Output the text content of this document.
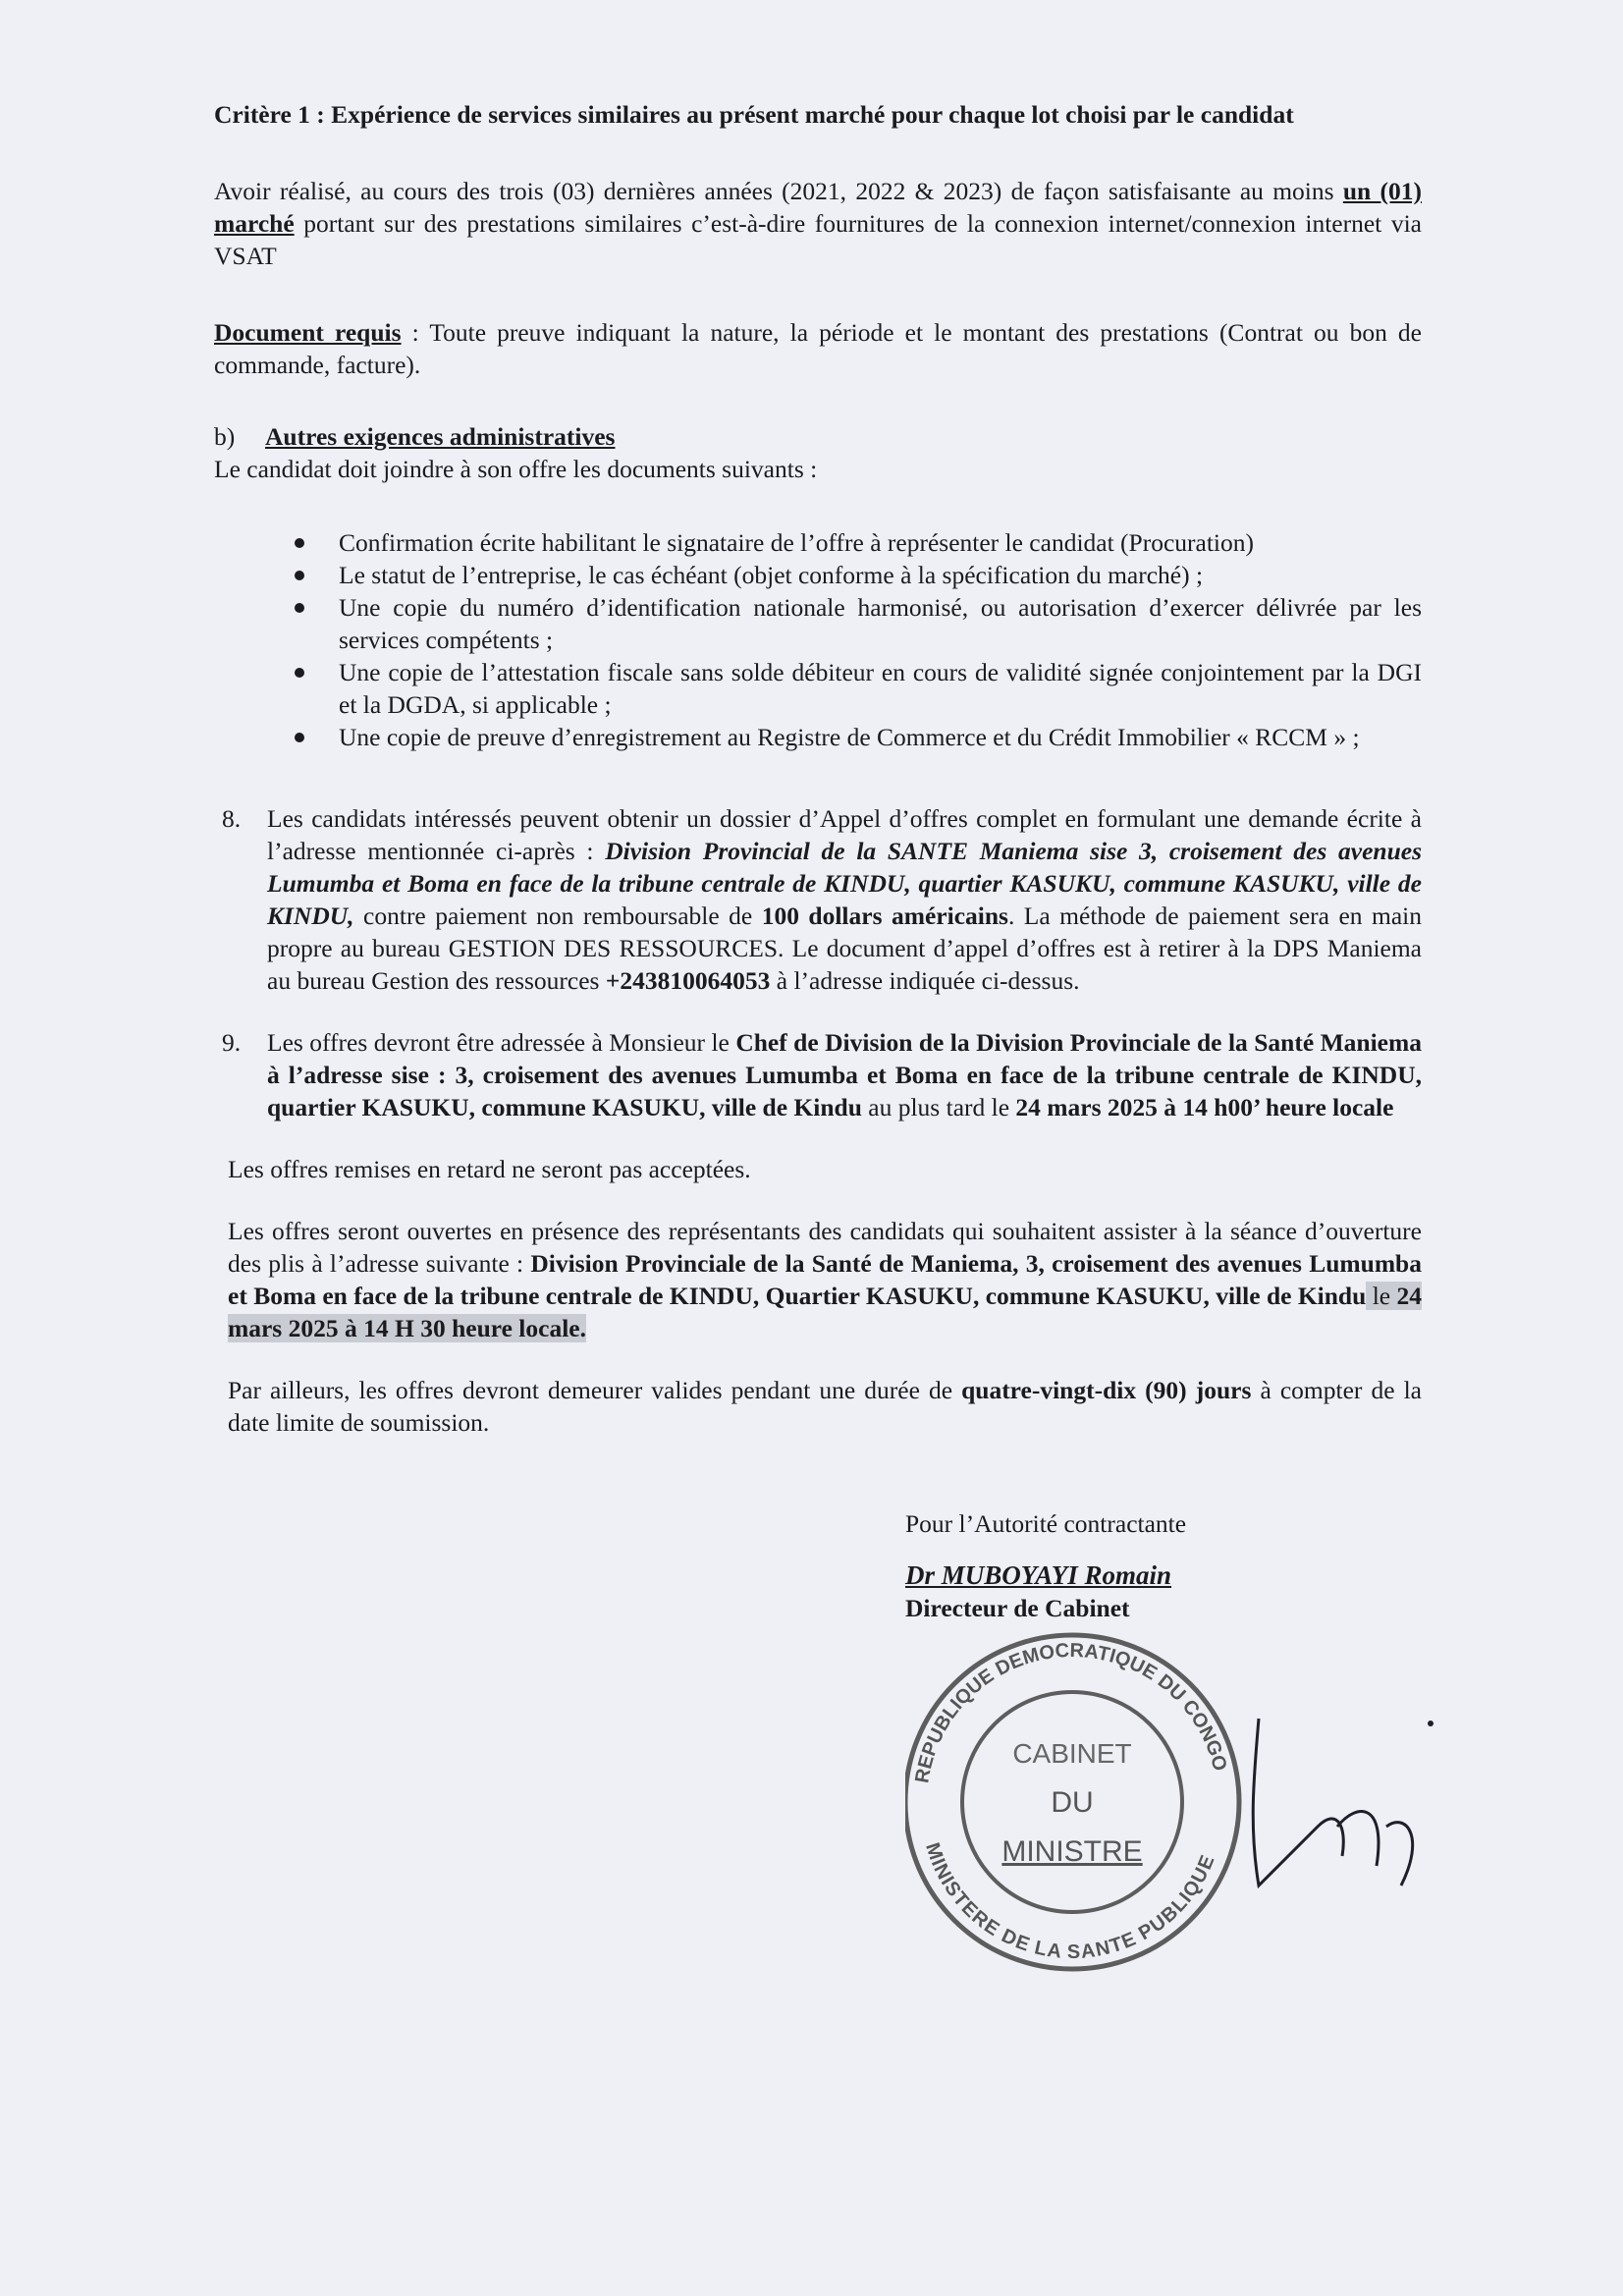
Critère 1 : Expérience de services similaires au présent marché pour chaque lot choisi par le candidat
Avoir réalisé, au cours des trois (03) dernières années (2021, 2022 & 2023) de façon satisfaisante au moins un (01) marché portant sur des prestations similaires c’est-à-dire fournitures de la connexion internet/connexion internet via VSAT
Document requis : Toute preuve indiquant la nature, la période et le montant des prestations (Contrat ou bon de commande, facture).
b) Autres exigences administratives
Le candidat doit joindre à son offre les documents suivants :
Confirmation écrite habilitant le signataire de l’offre à représenter le candidat (Procuration)
Le statut de l’entreprise, le cas échéant (objet conforme à la spécification du marché) ;
Une copie du numéro d’identification nationale harmonisé, ou autorisation d’exercer délivrée par les services compétents ;
Une copie de l’attestation fiscale sans solde débiteur en cours de validité signée conjointement par la DGI et la DGDA, si applicable ;
Une copie de preuve d’enregistrement au Registre de Commerce et du Crédit Immobilier « RCCM » ;
8. Les candidats intéressés peuvent obtenir un dossier d’Appel d’offres complet en formulant une demande écrite à l’adresse mentionnée ci-après : Division Provincial de la SANTE Maniema sise 3, croisement des avenues Lumumba et Boma en face de la tribune centrale de KINDU, quartier KASUKU, commune KASUKU, ville de KINDU, contre paiement non remboursable de 100 dollars américains. La méthode de paiement sera en main propre au bureau GESTION DES RESSOURCES. Le document d’appel d’offres est à retirer à la DPS Maniema au bureau Gestion des ressources +243810064053 à l’adresse indiquée ci-dessus.
9. Les offres devront être adressée à Monsieur le Chef de Division de la Division Provinciale de la Santé Maniema à l’adresse sise : 3, croisement des avenues Lumumba et Boma en face de la tribune centrale de KINDU, quartier KASUKU, commune KASUKU, ville de Kindu au plus tard le 24 mars 2025 à 14 h00’ heure locale
Les offres remises en retard ne seront pas acceptées.
Les offres seront ouvertes en présence des représentants des candidats qui souhaitent assister à la séance d’ouverture des plis à l’adresse suivante : Division Provinciale de la Santé de Maniema, 3, croisement des avenues Lumumba et Boma en face de la tribune centrale de KINDU, Quartier KASUKU, commune KASUKU, ville de Kindu le 24 mars 2025 à 14 H 30 heure locale.
Par ailleurs, les offres devront demeurer valides pendant une durée de quatre-vingt-dix (90) jours à compter de la date limite de soumission.
Pour l’Autorité contractante
Dr MUBOYAYI Romain
Directeur de Cabinet
REPUBLIQUE DEMOCRATIQUE DU CONGO
MINISTERE DE LA SANTE PUBLIQUE
CABINET
DU
MINISTRE
